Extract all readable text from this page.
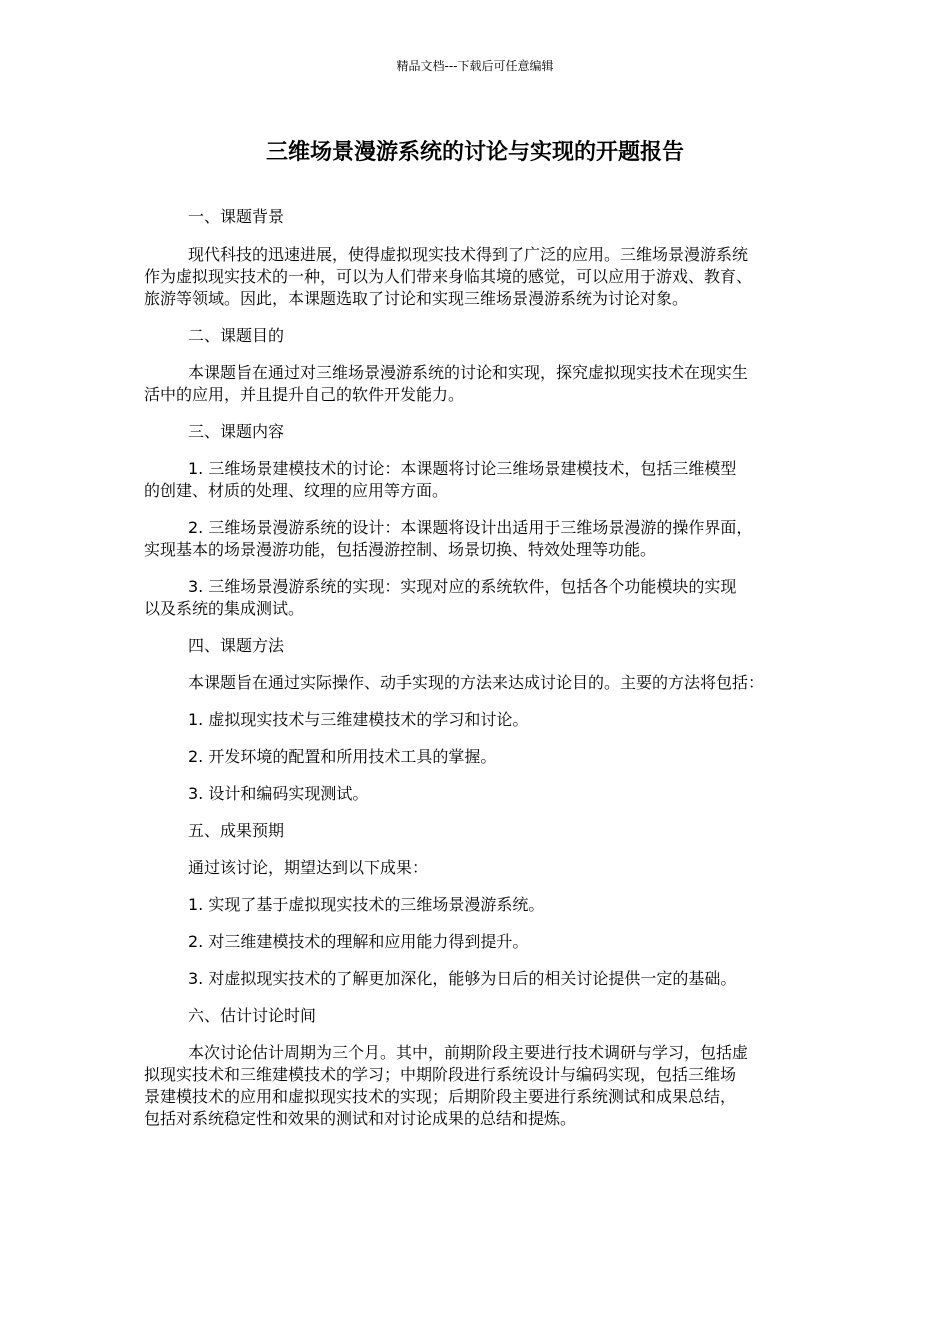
精品文档---下载后可任意编辑
三维场景漫游系统的讨论与实现的开题报告

一、课题背景

现代科技的迅速进展，使得虚拟现实技术得到了广泛的应用。三维场景漫游系统
作为虚拟现实技术的一种，可以为人们带来身临其境的感觉，可以应用于游戏、教育、
旅游等领域。因此，本课题选取了讨论和实现三维场景漫游系统为讨论对象。

二、课题目的

本课题旨在通过对三维场景漫游系统的讨论和实现，探究虚拟现实技术在现实生
活中的应用，并且提升自己的软件开发能力。

三、课题内容

1. 三维场景建模技术的讨论：本课题将讨论三维场景建模技术，包括三维模型
的创建、材质的处理、纹理的应用等方面。

2. 三维场景漫游系统的设计：本课题将设计出适用于三维场景漫游的操作界面，
实现基本的场景漫游功能，包括漫游控制、场景切换、特效处理等功能。

3. 三维场景漫游系统的实现：实现对应的系统软件，包括各个功能模块的实现
以及系统的集成测试。

四、课题方法

本课题旨在通过实际操作、动手实现的方法来达成讨论目的。主要的方法将包括：

1. 虚拟现实技术与三维建模技术的学习和讨论。

2. 开发环境的配置和所用技术工具的掌握。

3. 设计和编码实现测试。

五、成果预期

通过该讨论，期望达到以下成果：

1. 实现了基于虚拟现实技术的三维场景漫游系统。

2. 对三维建模技术的理解和应用能力得到提升。

3. 对虚拟现实技术的了解更加深化，能够为日后的相关讨论提供一定的基础。

六、估计讨论时间

本次讨论估计周期为三个月。其中，前期阶段主要进行技术调研与学习，包括虚
拟现实技术和三维建模技术的学习；中期阶段进行系统设计与编码实现，包括三维场
景建模技术的应用和虚拟现实技术的实现；后期阶段主要进行系统测试和成果总结，
包括对系统稳定性和效果的测试和对讨论成果的总结和提炼。
